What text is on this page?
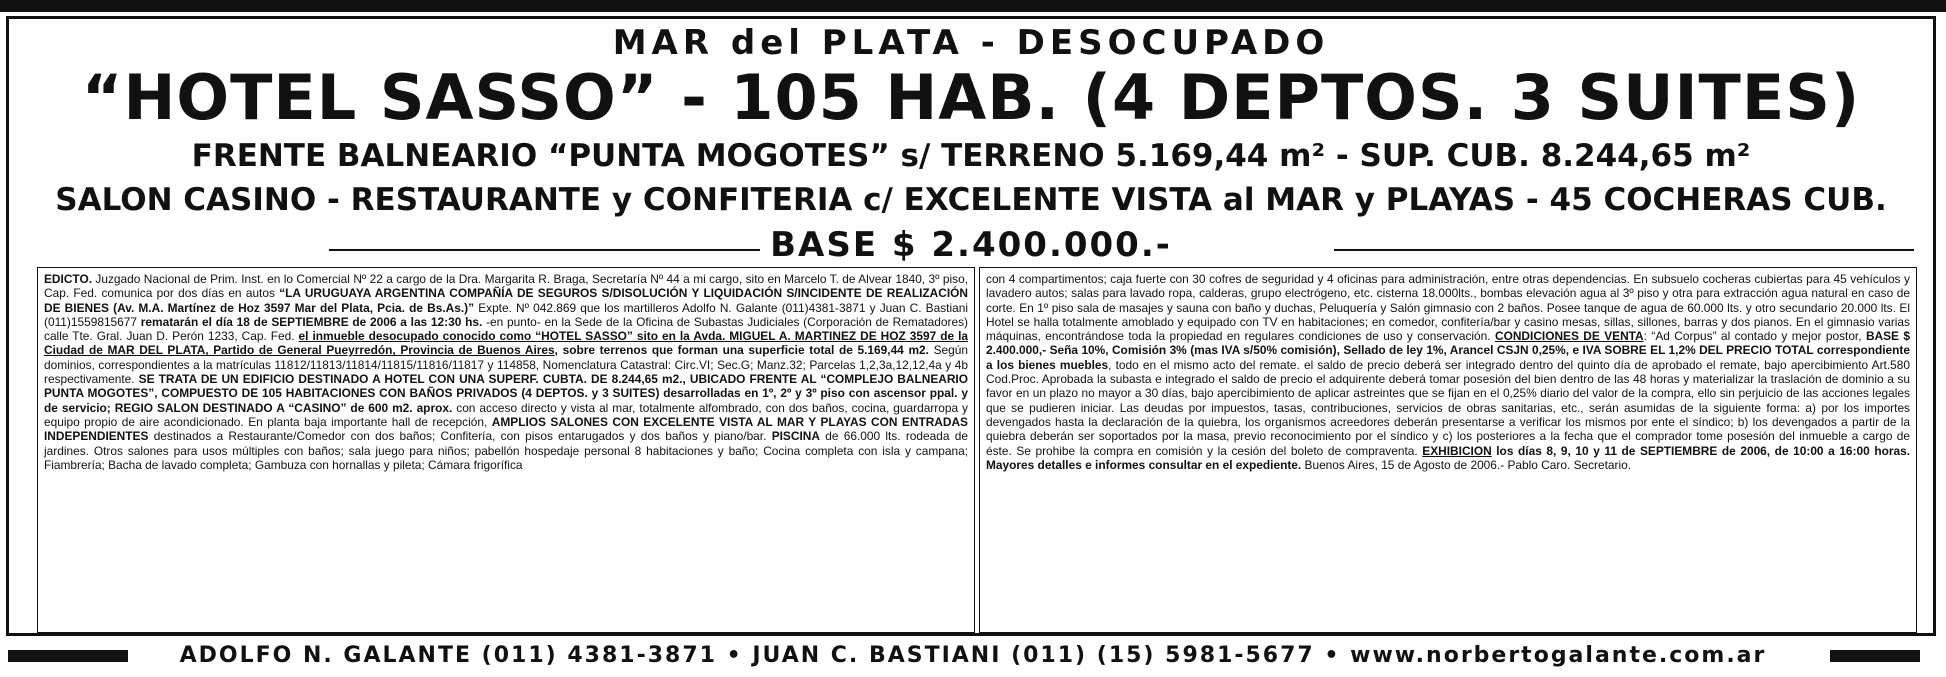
MAR del PLATA - DESOCUPADO
“HOTEL SASSO” - 105 HAB. (4 DEPTOS. 3 SUITES)
FRENTE BALNEARIO “PUNTA MOGOTES” s/ TERRENO 5.169,44 m² - SUP. CUB. 8.244,65 m²
SALON CASINO - RESTAURANTE y CONFITERIA c/ EXCELENTE VISTA al MAR y PLAYAS - 45 COCHERAS CUB.
BASE $ 2.400.000.-
EDICTO. Juzgado Nacional de Prim. Inst. en lo Comercial Nº 22 a cargo de la Dra. Margarita R. Braga, Secretaría Nº 44 a mi cargo, sito en Marcelo T. de Alvear 1840, 3º piso, Cap. Fed. comunica por dos días en autos “LA URUGUAYA ARGENTINA COMPAÑÍA DE SEGUROS S/DISOLUCIÓN Y LIQUIDACIÓN S/INCIDENTE DE REALIZACIÓN DE BIENES (Av. M.A. Martínez de Hoz 3597 Mar del Plata, Pcia. de Bs.As.)” Expte. Nº 042.869 que los martilleros Adolfo N. Galante (011)4381-3871 y Juan C. Bastiani (011)1559815677 rematarán el día 18 de SEPTIEMBRE de 2006 a las 12:30 hs. -en punto- en la Sede de la Oficina de Subastas Judiciales (Corporación de Rematadores) calle Tte. Gral. Juan D. Perón 1233, Cap. Fed. el inmueble desocupado conocido como “HOTEL SASSO” sito en la Avda. MIGUEL A. MARTINEZ DE HOZ 3597 de la Ciudad de MAR DEL PLATA, Partido de General Pueyrredón, Provincia de Buenos Aires, sobre terrenos que forman una superficie total de 5.169,44 m2. Según dominios, correspondientes a la matrículas 11812/11813/11814/11815/11816/11817 y 114858, Nomenclatura Catastral: Circ.VI; Sec.G; Manz.32; Parcelas 1,2,3a,12,12,4a y 4b respectivamente. SE TRATA DE UN EDIFICIO DESTINADO A HOTEL CON UNA SUPERF. CUBTA. DE 8.244,65 m2., UBICADO FRENTE AL “COMPLEJO BALNEARIO PUNTA MOGOTES”, COMPUESTO DE 105 HABITACIONES CON BAÑOS PRIVADOS (4 DEPTOS. y 3 SUITES) desarrolladas en 1º, 2º y 3º piso con ascensor ppal. y de servicio; REGIO SALON DESTINADO A “CASINO” de 600 m2. aprox. con acceso directo y vista al mar, totalmente alfombrado, con dos baños, cocina, guardarropa y equipo propio de aire acondicionado. En planta baja importante hall de recepción, AMPLIOS SALONES CON EXCELENTE VISTA AL MAR Y PLAYAS CON ENTRADAS INDEPENDIENTES destinados a Restaurante/Comedor con dos baños; Confitería, con pisos entarugados y dos baños y piano/bar. PISCINA de 66.000 lts. rodeada de jardines. Otros salones para usos múltiples con baños; sala juego para niños; pabellón hospedaje personal 8 habitaciones y baño; Cocina completa con isla y campana; Fiambrería; Bacha de lavado completa; Gambuza con hornallas y pileta; Cámara frigorífica
con 4 compartimentos; caja fuerte con 30 cofres de seguridad y 4 oficinas para administración, entre otras dependencias. En subsuelo cocheras cubiertas para 45 vehículos y lavadero autos; salas para lavado ropa, calderas, grupo electrógeno, etc. cisterna 18.000lts., bombas elevación agua al 3º piso y otra para extracción agua natural en caso de corte. En 1º piso sala de masajes y sauna con baño y duchas, Peluquería y Salón gimnasio con 2 baños. Posee tanque de agua de 60.000 lts. y otro secundario 20.000 lts. El Hotel se halla totalmente amoblado y equipado con TV en habitaciones; en comedor, confitería/bar y casino mesas, sillas, sillones, barras y dos pianos. En el gimnasio varias máquinas, encontrándose toda la propiedad en regulares condiciones de uso y conservación. CONDICIONES DE VENTA: “Ad Corpus” al contado y mejor postor, BASE $ 2.400.000,- Seña 10%, Comisión 3% (mas IVA s/50% comisión), Sellado de ley 1%, Arancel CSJN 0,25%, e IVA SOBRE EL 1,2% DEL PRECIO TOTAL correspondiente a los bienes muebles, todo en el mismo acto del remate. el saldo de precio deberá ser integrado dentro del quinto día de aprobado el remate, bajo apercibimiento Art.580 Cod.Proc. Aprobada la subasta e integrado el saldo de precio el adquirente deberá tomar posesión del bien dentro de las 48 horas y materializar la traslación de dominio a su favor en un plazo no mayor a 30 días, bajo apercibimiento de aplicar astreintes que se fijan en el 0,25% diario del valor de la compra, ello sin perjuicio de las acciones legales que se pudieren iniciar. Las deudas por impuestos, tasas, contribuciones, servicios de obras sanitarias, etc., serán asumidas de la siguiente forma: a) por los importes devengados hasta la declaración de la quiebra, los organismos acreedores deberán presentarse a verificar los mismos por ente el síndico; b) los devengados a partir de la quiebra deberán ser soportados por la masa, previo reconocimiento por el síndico y c) los posteriores a la fecha que el comprador tome posesión del inmueble a cargo de éste. Se prohibe la compra en comisión y la cesión del boleto de compraventa. EXHIBICION los días 8, 9, 10 y 11 de SEPTIEMBRE de 2006, de 10:00 a 16:00 horas. Mayores detalles e informes consultar en el expediente. Buenos Aires, 15 de Agosto de 2006.- Pablo Caro. Secretario.
ADOLFO N. GALANTE (011) 4381-3871 • JUAN C. BASTIANI (011) (15) 5981-5677 • www.norbertogalante.com.ar
